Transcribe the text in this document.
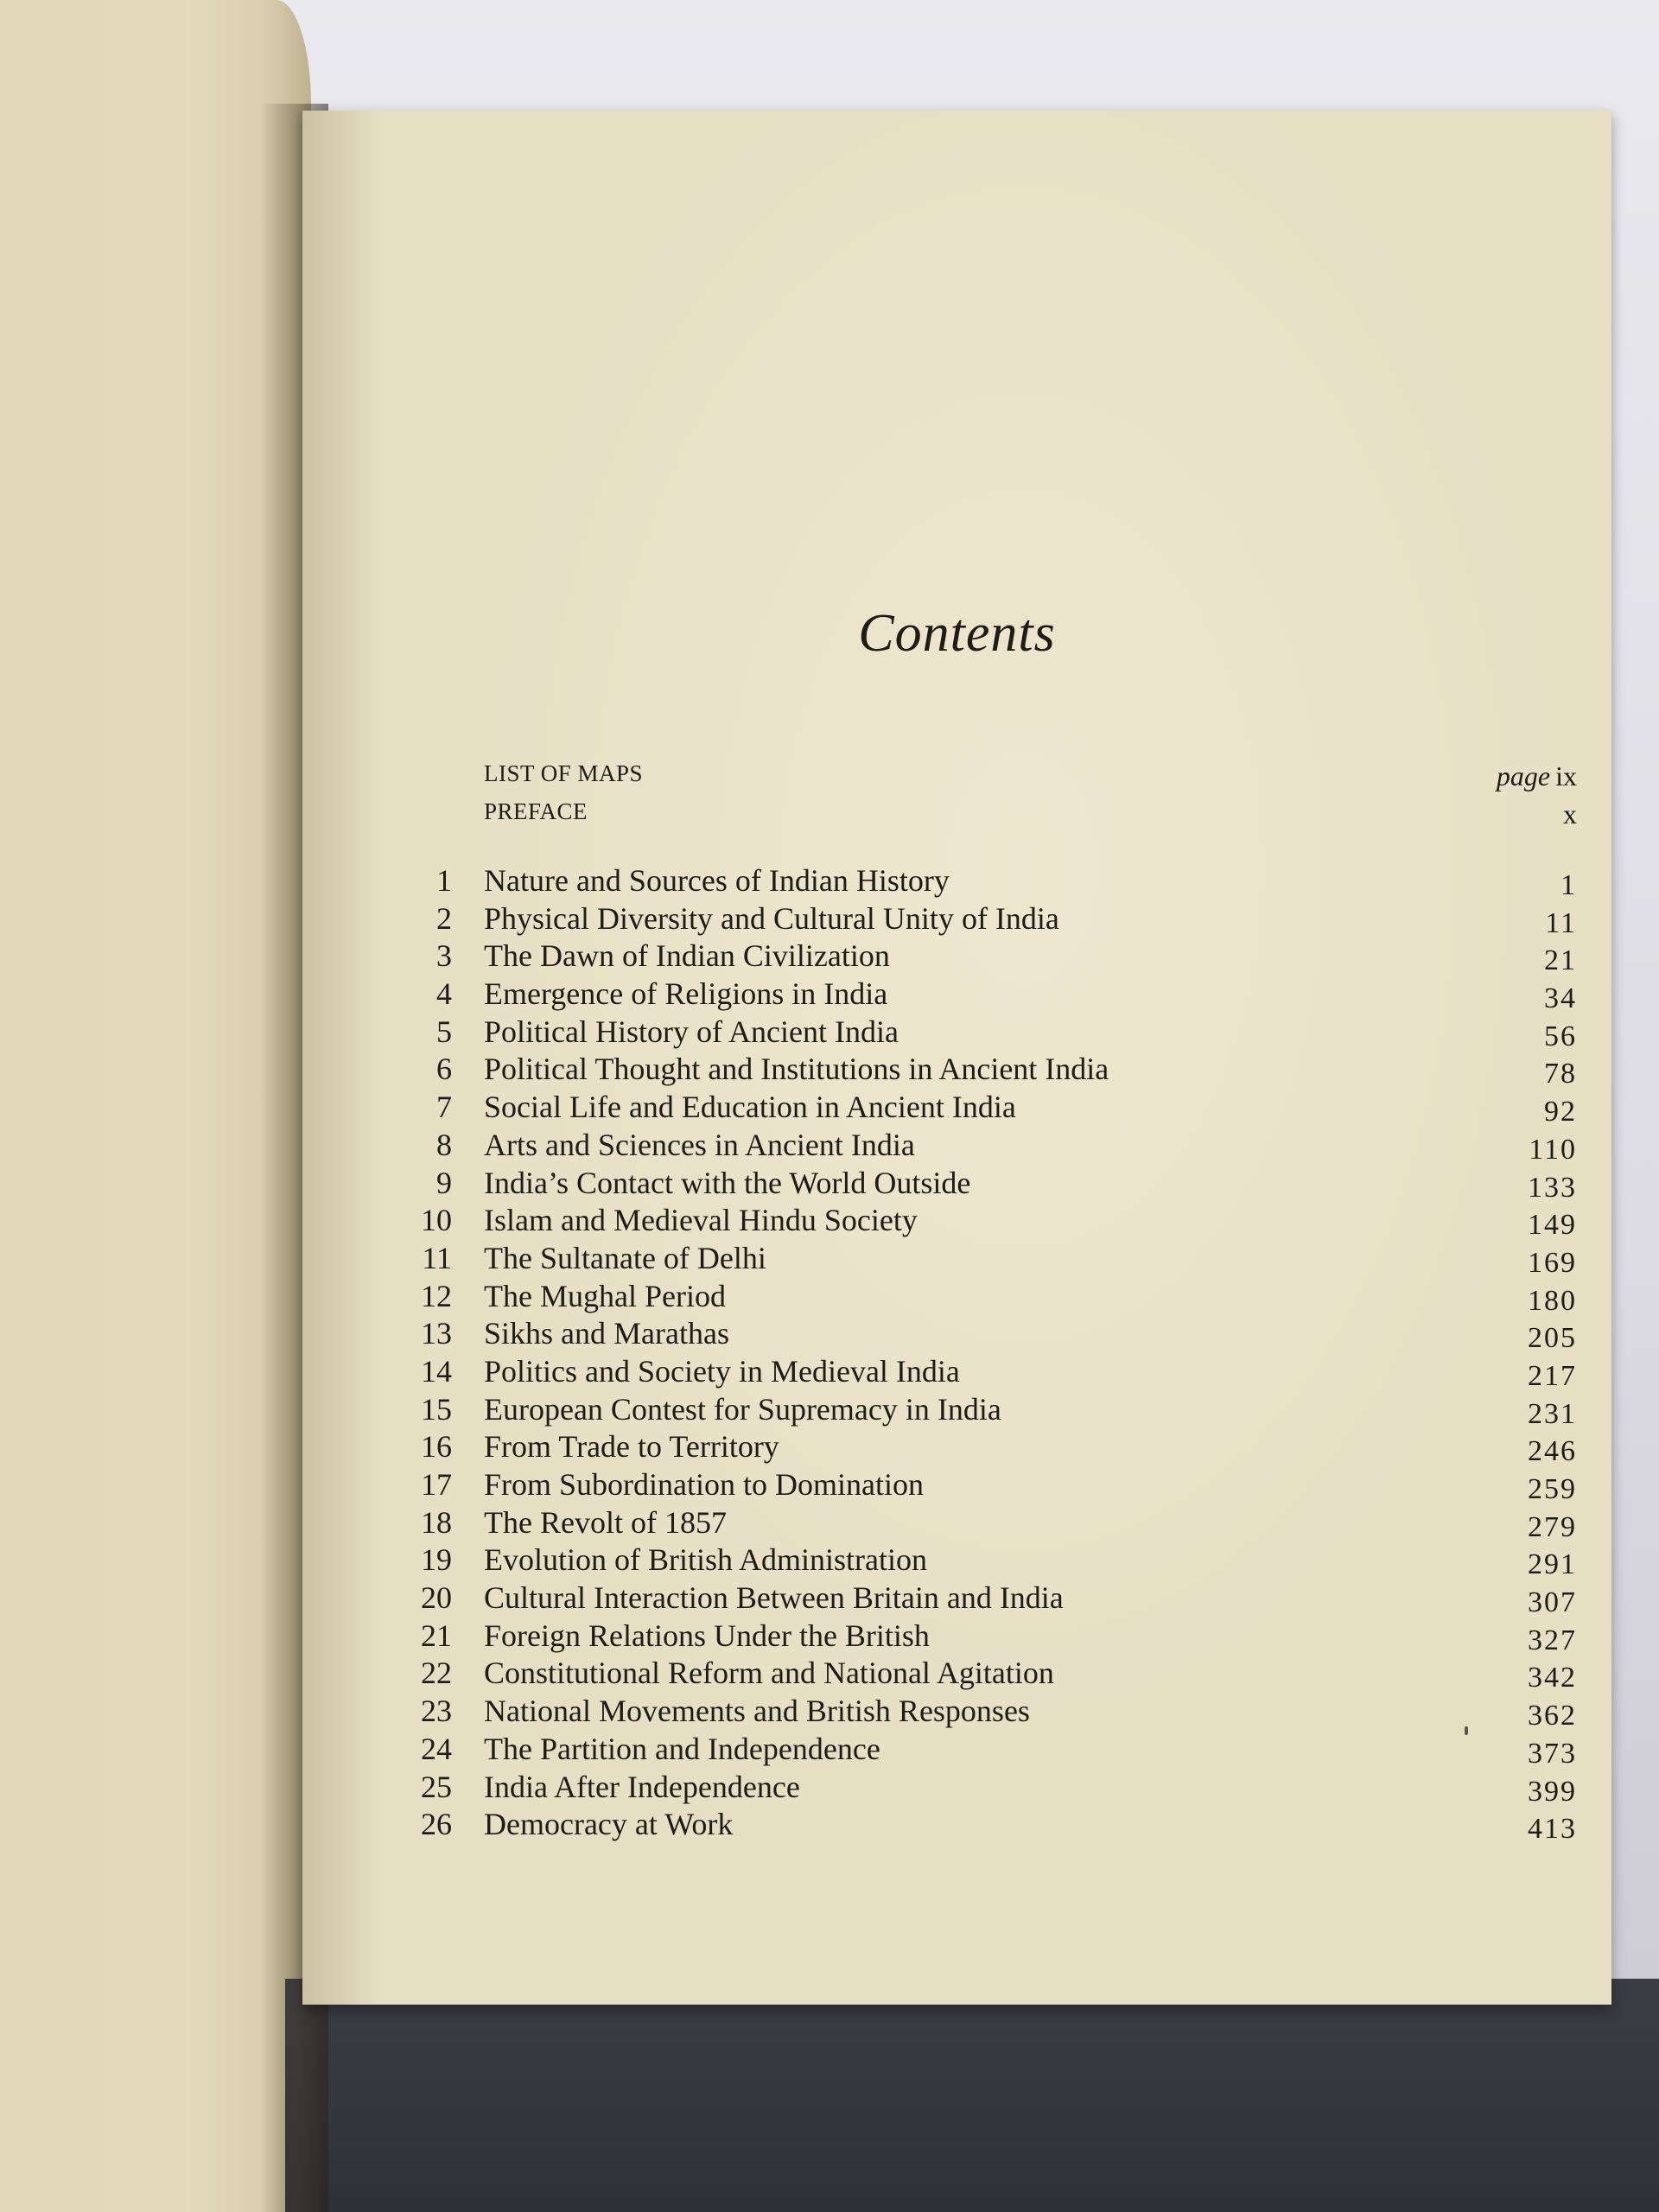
Contents
LIST OF MAPS	page ix
PREFACE	x
1 Nature and Sources of Indian History	1
2 Physical Diversity and Cultural Unity of India	11
3 The Dawn of Indian Civilization	21
4 Emergence of Religions in India	34
5 Political History of Ancient India	56
6 Political Thought and Institutions in Ancient India	78
7 Social Life and Education in Ancient India	92
8 Arts and Sciences in Ancient India	110
9 India’s Contact with the World Outside	133
10 Islam and Medieval Hindu Society	149
11 The Sultanate of Delhi	169
12 The Mughal Period	180
13 Sikhs and Marathas	205
14 Politics and Society in Medieval India	217
15 European Contest for Supremacy in India	231
16 From Trade to Territory	246
17 From Subordination to Domination	259
18 The Revolt of 1857	279
19 Evolution of British Administration	291
20 Cultural Interaction Between Britain and India	307
21 Foreign Relations Under the British	327
22 Constitutional Reform and National Agitation	342
23 National Movements and British Responses	362
24 The Partition and Independence	373
25 India After Independence	399
26 Democracy at Work	413
